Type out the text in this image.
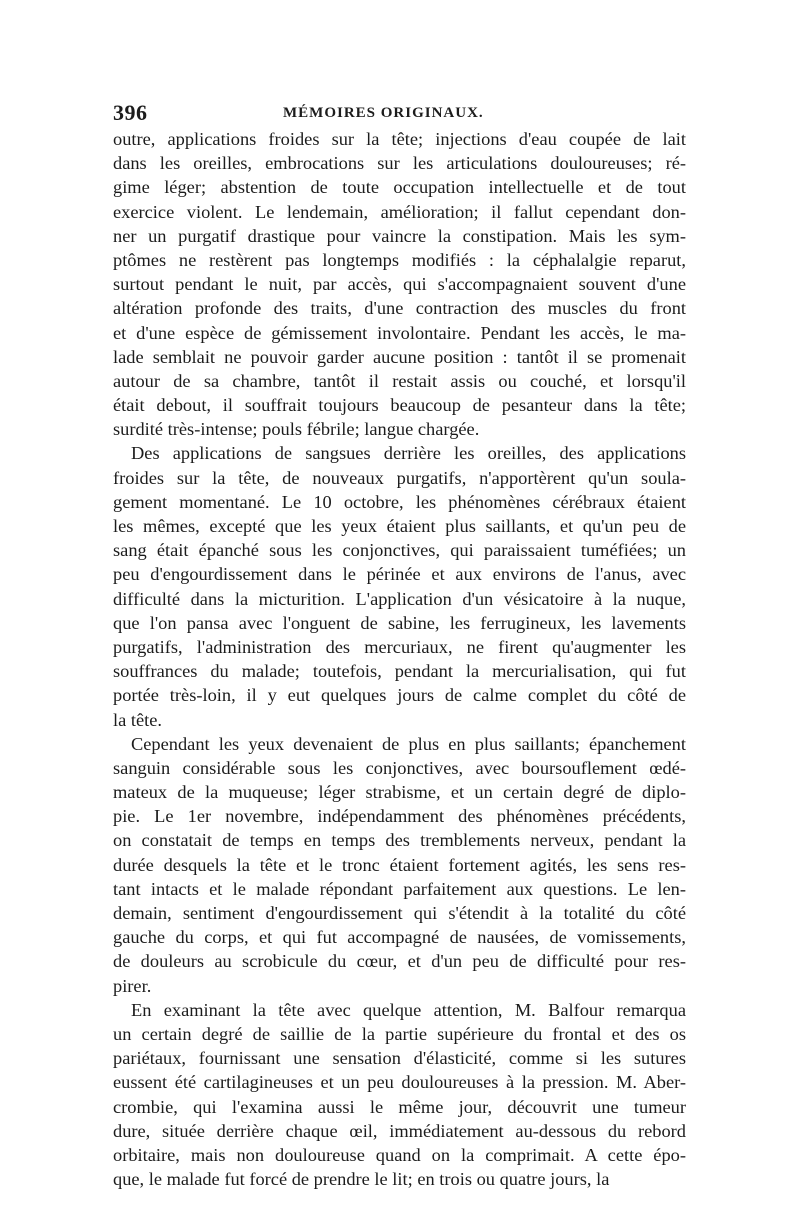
396	MÉMOIRES ORIGINAUX.
outre, applications froides sur la tête; injections d'eau coupée de lait
dans les oreilles, embrocations sur les articulations douloureuses; ré-
gime léger; abstention de toute occupation intellectuelle et de tout
exercice violent. Le lendemain, amélioration; il fallut cependant don-
ner un purgatif drastique pour vaincre la constipation. Mais les sym-
ptômes ne restèrent pas longtemps modifiés : la céphalalgie reparut,
surtout pendant le nuit, par accès, qui s'accompagnaient souvent d'une
altération profonde des traits, d'une contraction des muscles du front
et d'une espèce de gémissement involontaire. Pendant les accès, le ma-
lade semblait ne pouvoir garder aucune position : tantôt il se promenait
autour de sa chambre, tantôt il restait assis ou couché, et lorsqu'il
était debout, il souffrait toujours beaucoup de pesanteur dans la tête;
surdité très-intense; pouls fébrile; langue chargée.
Des applications de sangsues derrière les oreilles, des applications
froides sur la tête, de nouveaux purgatifs, n'apportèrent qu'un soula-
gement momentané. Le 10 octobre, les phénomènes cérébraux étaient
les mêmes, excepté que les yeux étaient plus saillants, et qu'un peu de
sang était épanché sous les conjonctives, qui paraissaient tuméfiées; un
peu d'engourdissement dans le périnée et aux environs de l'anus, avec
difficulté dans la micturition. L'application d'un vésicatoire à la nuque,
que l'on pansa avec l'onguent de sabine, les ferrugineux, les lavements
purgatifs, l'administration des mercuriaux, ne firent qu'augmenter les
souffrances du malade; toutefois, pendant la mercurialisation, qui fut
portée très-loin, il y eut quelques jours de calme complet du côté de
la tête.
Cependant les yeux devenaient de plus en plus saillants; épanchement
sanguin considérable sous les conjonctives, avec boursouflement œdé-
mateux de la muqueuse; léger strabisme, et un certain degré de diplo-
pie. Le 1er novembre, indépendamment des phénomènes précédents,
on constatait de temps en temps des tremblements nerveux, pendant la
durée desquels la tête et le tronc étaient fortement agités, les sens res-
tant intacts et le malade répondant parfaitement aux questions. Le len-
demain, sentiment d'engourdissement qui s'étendit à la totalité du côté
gauche du corps, et qui fut accompagné de nausées, de vomissements,
de douleurs au scrobicule du cœur, et d'un peu de difficulté pour res-
pirer.
En examinant la tête avec quelque attention, M. Balfour remarqua
un certain degré de saillie de la partie supérieure du frontal et des os
pariétaux, fournissant une sensation d'élasticité, comme si les sutures
eussent été cartilagineuses et un peu douloureuses à la pression. M. Aber-
crombie, qui l'examina aussi le même jour, découvrit une tumeur
dure, située derrière chaque œil, immédiatement au-dessous du rebord
orbitaire, mais non douloureuse quand on la comprimait. A cette épo-
que, le malade fut forcé de prendre le lit; en trois ou quatre jours, la
